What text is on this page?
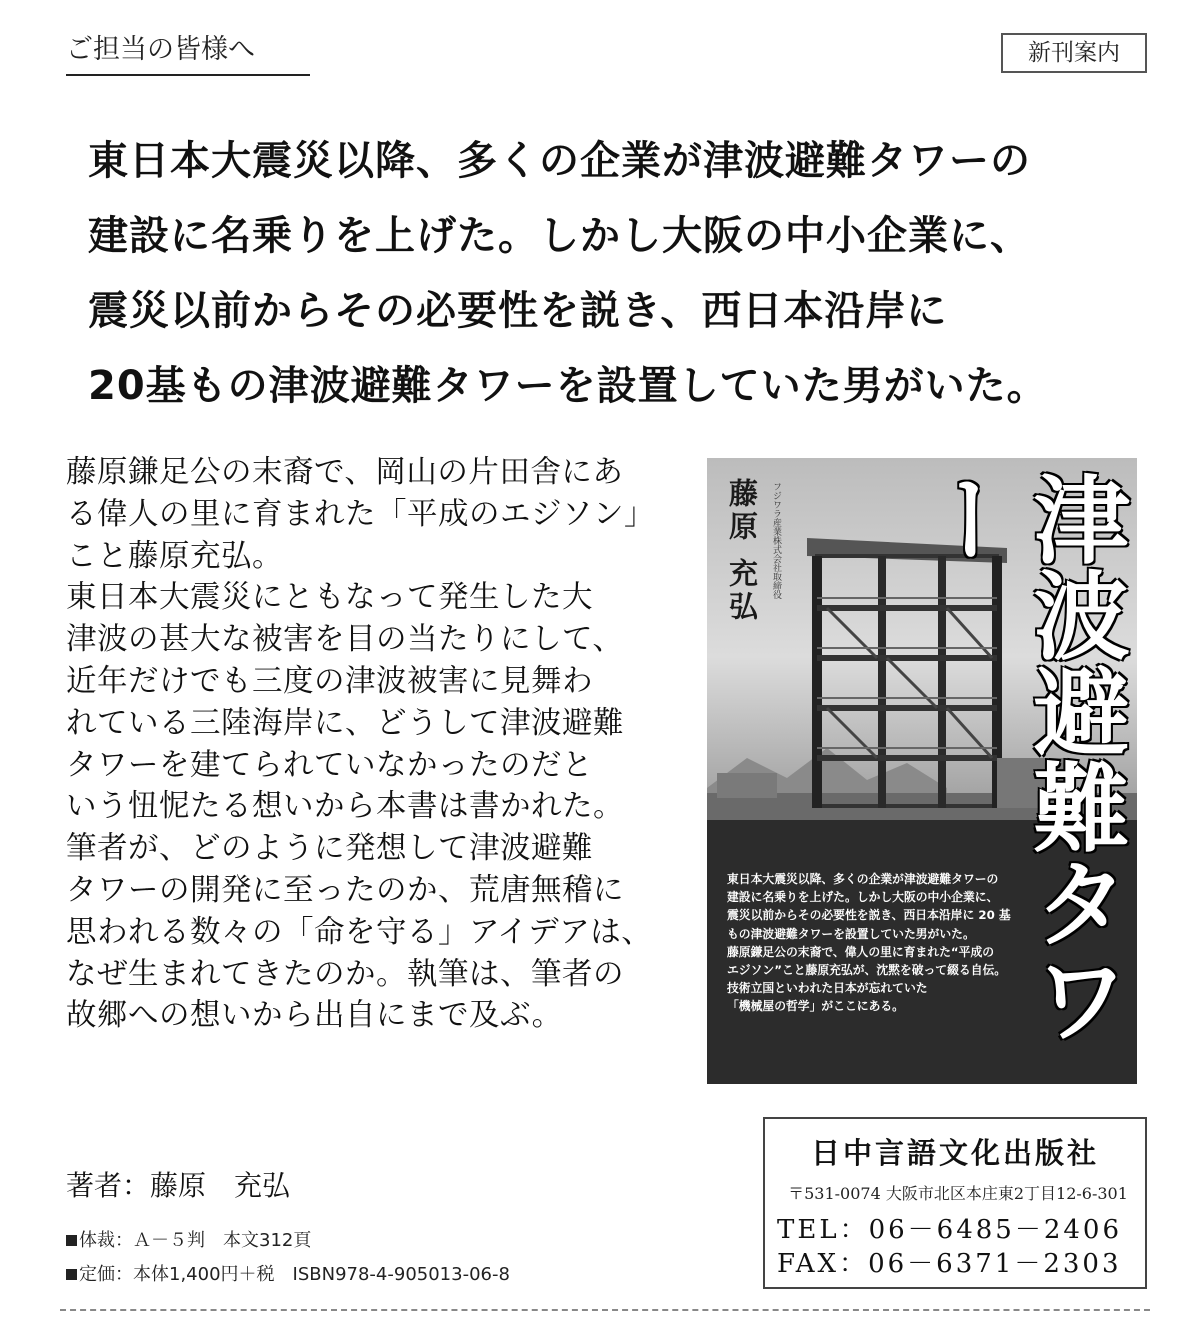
ご担当の皆様へ	新刊案内
東日本大震災以降、多くの企業が津波避難タワーの
建設に名乗りを上げた。しかし大阪の中小企業に、
震災以前からその必要性を説き、西日本沿岸に
20基もの津波避難タワーを設置していた男がいた。
藤原鎌足公の末裔で、岡山の片田舎にあ
る偉人の里に育まれた「平成のエジソン」
こと藤原充弘。
東日本大震災にともなって発生した大
津波の甚大な被害を目の当たりにして、
近年だけでも三度の津波被害に見舞わ
れている三陸海岸に、どうして津波避難
タワーを建てられていなかったのだと
いう忸怩たる想いから本書は書かれた。
筆者が、どのように発想して津波避難
タワーの開発に至ったのか、荒唐無稽に
思われる数々の「命を守る」アイデアは、
なぜ生まれてきたのか。執筆は、筆者の
故郷への想いから出自にまで及ぶ。
藤原 充弘	フジワラ産業株式会社取締役 津波避難タワー
東日本大震災以降、多くの企業が津波避難タワーの
建設に名乗りを上げた。しかし大阪の中小企業に、
震災以前からその必要性を説き、西日本沿岸に 20 基
もの津波避難タワーを設置していた男がいた。
藤原鎌足公の末裔で、偉人の里に育まれた“平成の
エジソン”こと藤原充弘が、沈黙を破って綴る自伝。
技術立国といわれた日本が忘れていた
「機械屋の哲学」がここにある。
著者：藤原　充弘
体裁：Ａ－５判　本文312頁
定価：本体1,400円＋税　ISBN978-4-905013-06-8
日中言語文化出版社
〒531-0074 大阪市北区本庄東2丁目12-6-301
TEL：06－6485－2406
FAX：06－6371－2303
